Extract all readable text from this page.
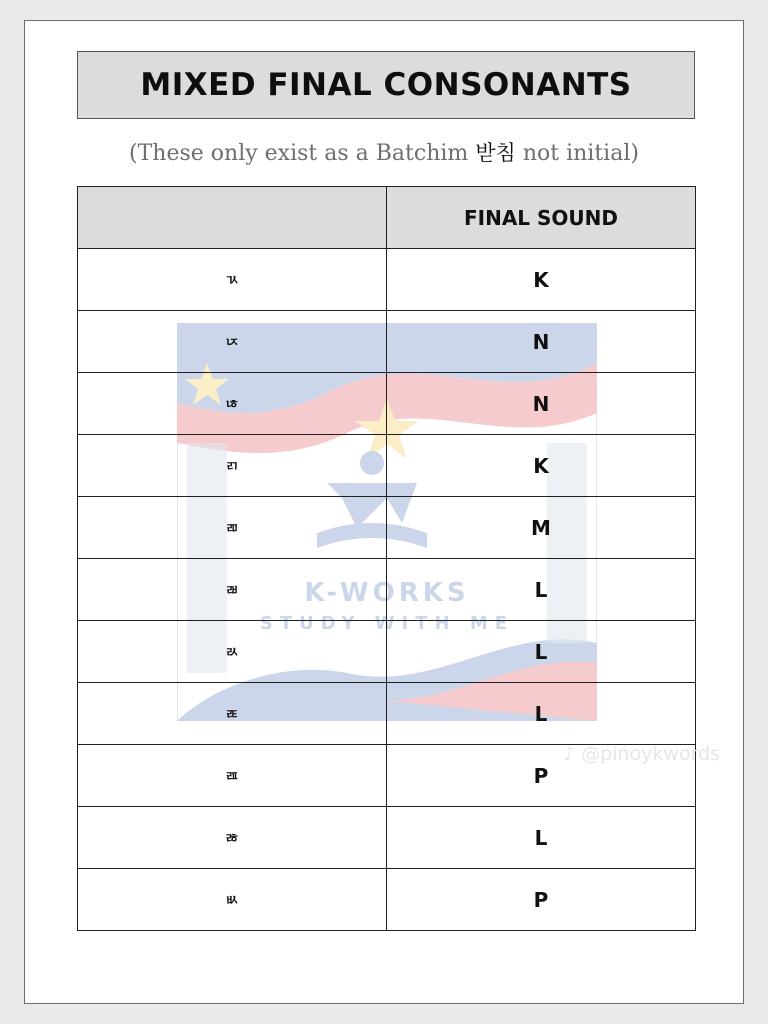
MIXED FINAL CONSONANTS
(These only exist as a Batchim 받침 not initial)
K-WORKS
STUDY WITH ME
	FINAL SOUND
ㄳ	K
ㄵ	N
ㄶ	N
ㄺ	K
ㄻ	M
ㄼ	L
ㄽ	L
ㄾ	L
ㄿ	P
ㅀ	L
ㅄ	P
♪ @pinoykwords
